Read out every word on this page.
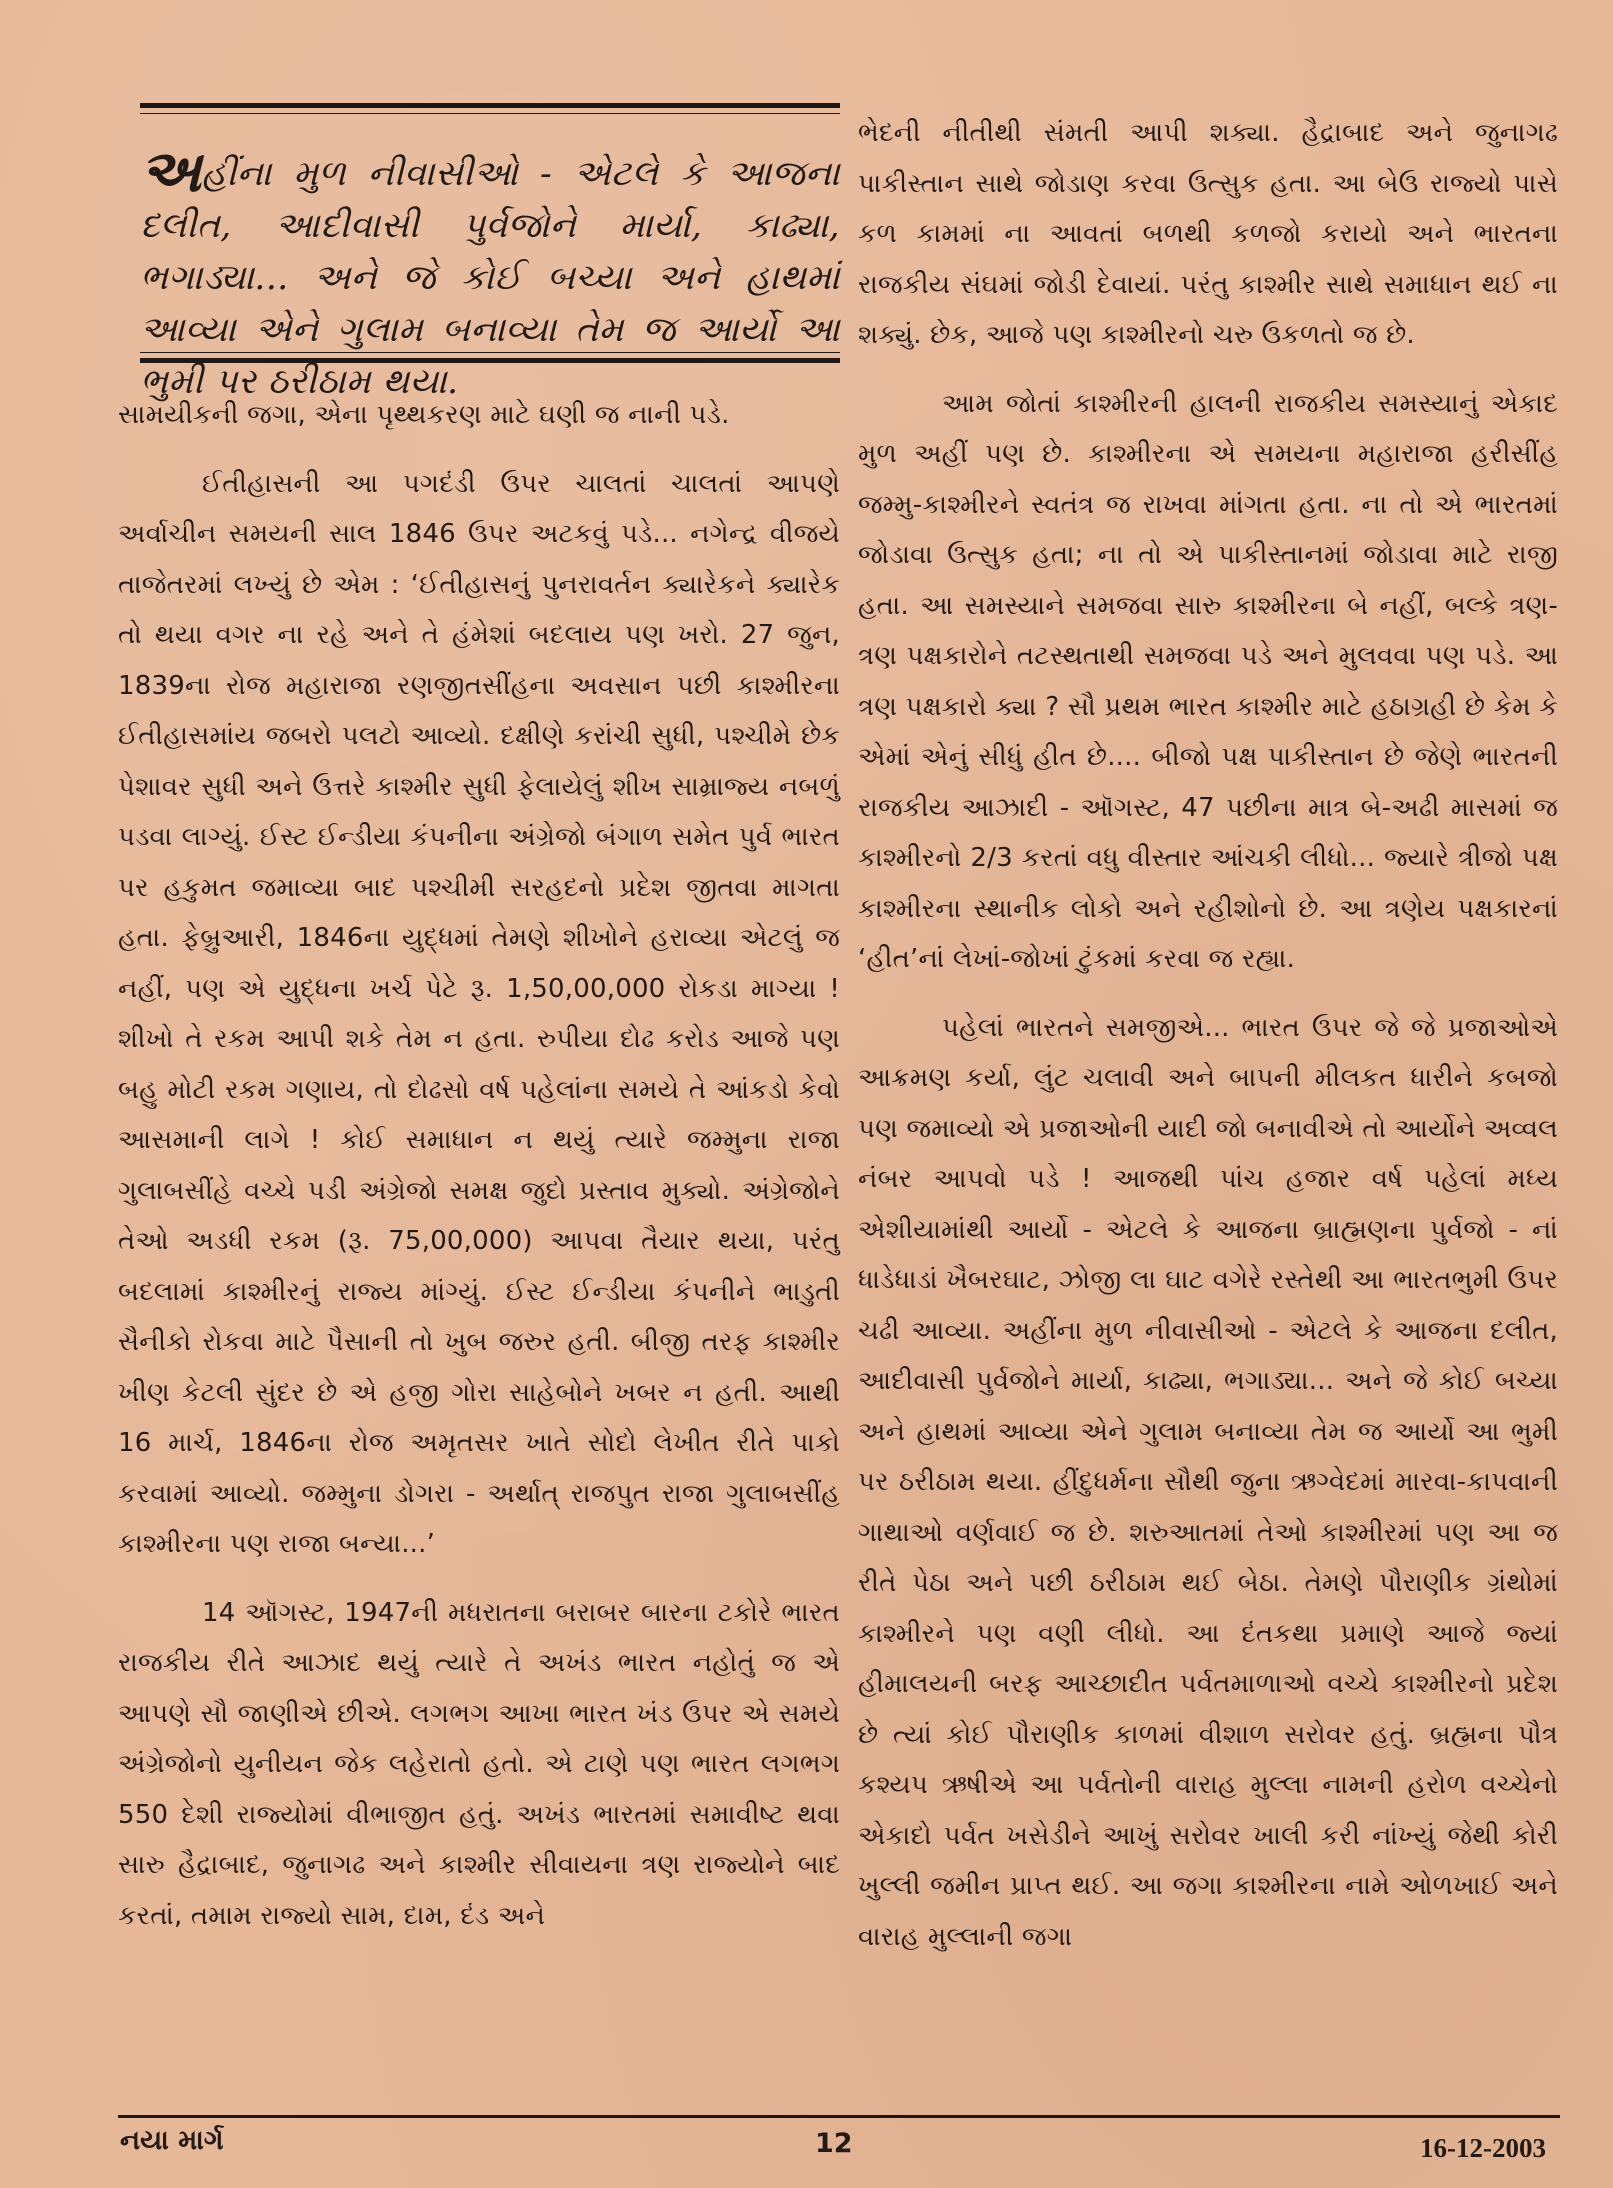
અહીંના મુળ નીવાસીઓ - એટલે કે આજના દલીત, આદીવાસી પુર્વજોને માર્યા, કાઢ્યા, ભગાડ્યા... અને જે કોઈ બચ્યા અને હાથમાં આવ્યા એને ગુલામ બનાવ્યા તેમ જ આર્યો આ ભુમી પર ઠરીઠામ થયા.

સામયીકની જગા, એના પૃથ્થકરણ માટે ઘણી જ નાની પડે.

ઈતીહાસની આ પગદંડી ઉપર ચાલતાં ચાલતાં આપણે અર્વાચીન સમયની સાલ 1846 ઉપર અટકવું પડે... નગેન્દ્ર વીજયે તાજેતરમાં લખ્યું છે એમ : ‘ઈતીહાસનું પુનરાવર્તન ક્યારેકને ક્યારેક તો થયા વગર ના રહે અને તે હંમેશાં બદલાય પણ ખરો. 27 જુન, 1839ના રોજ મહારાજા રણજીતસીંહના અવસાન પછી કાશ્મીરના ઈતીહાસમાંય જબરો પલટો આવ્યો. દક્ષીણે કરાંચી સુધી, પશ્ચીમે છેક પેશાવર સુધી અને ઉત્તરે કાશ્મીર સુધી ફેલાયેલું શીખ સામ્રાજ્ય નબળું પડવા લાગ્યું. ઈસ્ટ ઈન્ડીયા કંપનીના અંગ્રેજો બંગાળ સમેત પુર્વ ભારત પર હકુમત જમાવ્યા બાદ પશ્ચીમી સરહદનો પ્રદેશ જીતવા માગતા હતા. ફેબ્રુઆરી, 1846ના યુદ્ધમાં તેમણે શીખોને હરાવ્યા એટલું જ નહીં, પણ એ યુદ્ધના ખર્ચ પેટે રૂ. 1,50,00,000 રોકડા માગ્યા ! શીખો તે રકમ આપી શકે તેમ ન હતા. રુપીયા દોઢ કરોડ આજે પણ બહુ મોટી રકમ ગણાય, તો દોઢસો વર્ષ પહેલાંના સમયે તે આંકડો કેવો આસમાની લાગે ! કોઈ સમાધાન ન થયું ત્યારે જમ્મુના રાજા ગુલાબસીંહે વચ્ચે પડી અંગ્રેજો સમક્ષ જુદો પ્રસ્તાવ મુક્યો. અંગ્રેજોને તેઓ અડધી રકમ (રૂ. 75,00,000) આપવા તૈયાર થયા, પરંતુ બદલામાં કાશ્મીરનું રાજ્ય માંગ્યું. ઈસ્ટ ઈન્ડીયા કંપનીને ભાડુતી સૈનીકો રોકવા માટે પૈસાની તો ખુબ જરુર હતી. બીજી તરફ કાશ્મીર ખીણ કેટલી સુંદર છે એ હજી ગોરા સાહેબોને ખબર ન હતી. આથી 16 માર્ચ, 1846ના રોજ અમૃતસર ખાતે સોદો લેખીત રીતે પાકો કરવામાં આવ્યો. જમ્મુના ડોગરા - અર્થાત્ રાજપુત રાજા ગુલાબસીંહ કાશ્મીરના પણ રાજા બન્યા...’

14 ઑગસ્ટ, 1947ની મધરાતના બરાબર બારના ટકોરે ભારત રાજકીય રીતે આઝાદ થયું ત્યારે તે અખંડ ભારત નહોતું જ એ આપણે સૌ જાણીએ છીએ. લગભગ આખા ભારત ખંડ ઉપર એ સમયે અંગ્રેજોનો યુનીયન જેક લહેરાતો હતો. એ ટાણે પણ ભારત લગભગ 550 દેશી રાજ્યોમાં વીભાજીત હતું. અખંડ ભારતમાં સમાવીષ્ટ થવા સારુ હૈદ્રાબાદ, જુનાગઢ અને કાશ્મીર સીવાયના ત્રણ રાજ્યોને બાદ કરતાં, તમામ રાજ્યો સામ, દામ, દંડ અને

ભેદની નીતીથી સંમતી આપી શક્યા. હૈદ્રાબાદ અને જુનાગઢ પાકીસ્તાન સાથે જોડાણ કરવા ઉત્સુક હતા. આ બેઉ રાજ્યો પાસે કળ કામમાં ના આવતાં બળથી કળજો કરાયો અને ભારતના રાજકીય સંઘમાં જોડી દેવાયાં. પરંતુ કાશ્મીર સાથે સમાધાન થઈ ના શક્યું. છેક, આજે પણ કાશ્મીરનો ચરુ ઉકળતો જ છે.

આમ જોતાં કાશ્મીરની હાલની રાજકીય સમસ્યાનું એકાદ મુળ અહીં પણ છે. કાશ્મીરના એ સમયના મહારાજા હરીસીંહ જમ્મુ-કાશ્મીરને સ્વતંત્ર જ રાખવા માંગતા હતા. ના તો એ ભારતમાં જોડાવા ઉત્સુક હતા; ના તો એ પાકીસ્તાનમાં જોડાવા માટે રાજી હતા. આ સમસ્યાને સમજવા સારુ કાશ્મીરના બે નહીં, બલ્કે ત્રણ-ત્રણ પક્ષકારોને તટસ્થતાથી સમજવા પડે અને મુલવવા પણ પડે. આ ત્રણ પક્ષકારો ક્યા ? સૌ પ્રથમ ભારત કાશ્મીર માટે હઠાગ્રહી છે કેમ કે એમાં એનું સીધું હીત છે.... બીજો પક્ષ પાકીસ્તાન છે જેણે ભારતની રાજકીય આઝાદી - ઑગસ્ટ, 47 પછીના માત્ર બે-અઢી માસમાં જ કાશ્મીરનો 2/3 કરતાં વધુ વીસ્તાર આંચકી લીધો... જ્યારે ત્રીજો પક્ષ કાશ્મીરના સ્થાનીક લોકો અને રહીશોનો છે. આ ત્રણેય પક્ષકારનાં ‘હીત’નાં લેખાં-જોખાં ટુંકમાં કરવા જ રહ્યા.

પહેલાં ભારતને સમજીએ... ભારત ઉપર જે જે પ્રજાઓએ આક્રમણ કર્યા, લુંટ ચલાવી અને બાપની મીલકત ધારીને કબજો પણ જમાવ્યો એ પ્રજાઓની યાદી જો બનાવીએ તો આર્યોને અવ્વલ નંબર આપવો પડે ! આજથી પાંચ હજાર વર્ષ પહેલાં મધ્ય એશીયામાંથી આર્યો - એટલે કે આજના બ્રાહ્મણના પુર્વજો - નાં ધાડેધાડાં ખૈબરઘાટ, ઝોજી લા ઘાટ વગેરે રસ્તેથી આ ભારતભુમી ઉપર ચઢી આવ્યા. અહીંના મુળ નીવાસીઓ - એટલે કે આજના દલીત, આદીવાસી પુર્વજોને માર્યા, કાઢ્યા, ભગાડ્યા... અને જે કોઈ બચ્યા અને હાથમાં આવ્યા એને ગુલામ બનાવ્યા તેમ જ આર્યો આ ભુમી પર ઠરીઠામ થયા. હીંદુધર્મના સૌથી જુના ઋગ્વેદમાં મારવા-કાપવાની ગાથાઓ વર્ણવાઈ જ છે. શરુઆતમાં તેઓ કાશ્મીરમાં પણ આ જ રીતે પેઠા અને પછી ઠરીઠામ થઈ બેઠા. તેમણે પૌરાણીક ગ્રંથોમાં કાશ્મીરને પણ વણી લીધો. આ દંતકથા પ્રમાણે આજે જ્યાં હીમાલયની બરફ આચ્છાદીત પર્વતમાળાઓ વચ્ચે કાશ્મીરનો પ્રદેશ છે ત્યાં કોઈ પૌરાણીક કાળમાં વીશાળ સરોવર હતું. બ્રહ્મના પૌત્ર કશ્યપ ઋષીએ આ પર્વતોની વારાહ મુલ્લા નામની હરોળ વચ્ચેનો એકાદો પર્વત ખસેડીને આખું સરોવર ખાલી કરી નાંખ્યું જેથી કોરી ખુલ્લી જમીન પ્રાપ્ત થઈ. આ જગા કાશ્મીરના નામે ઓળખાઈ અને વારાહ મુલ્લાની જગા

નયા માર્ગ	12	16-12-2003
